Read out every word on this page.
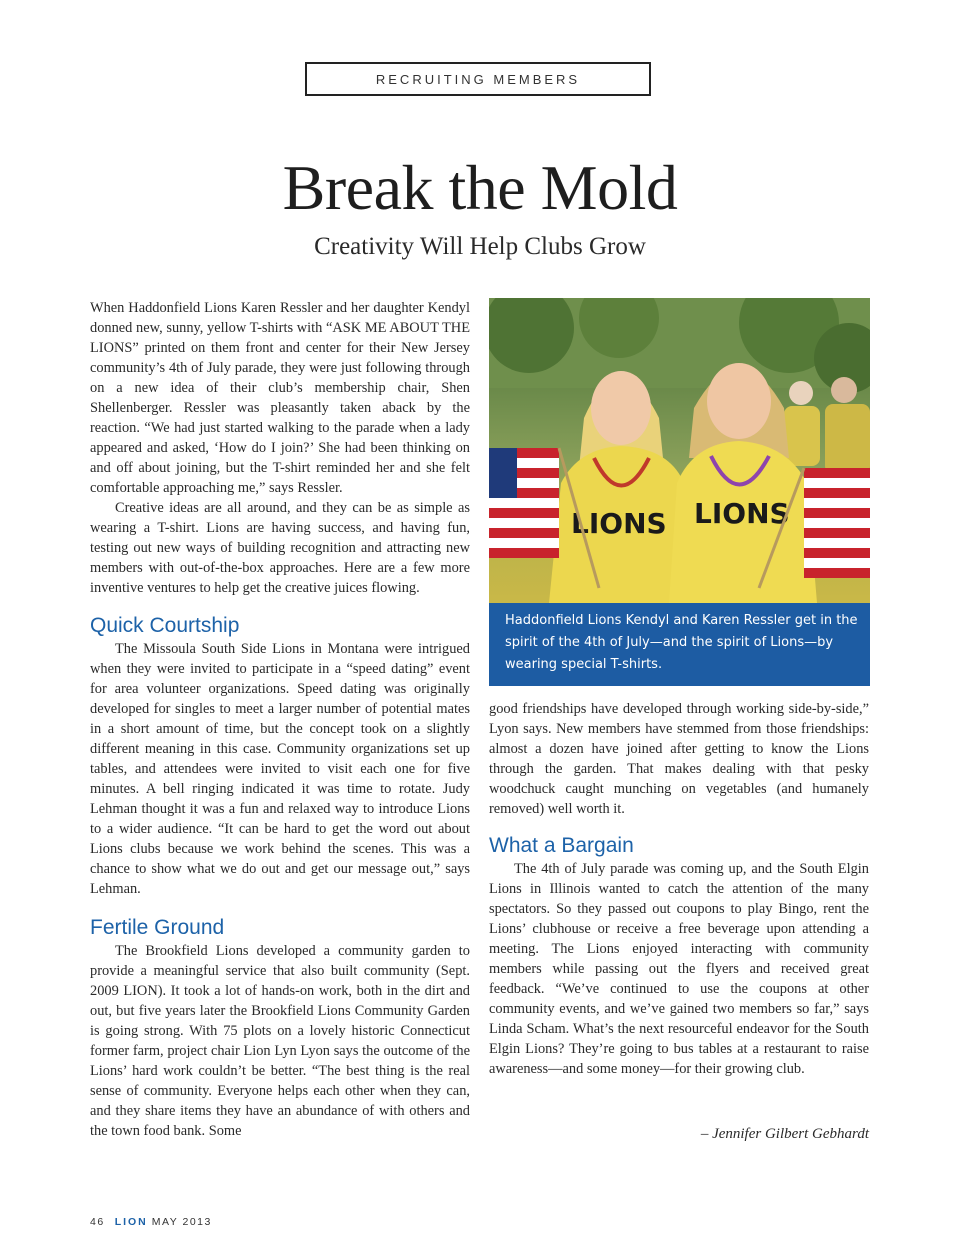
RECRUITING MEMBERS
Break the Mold
Creativity Will Help Clubs Grow

When Haddonfield Lions Karen Ressler and her daughter Kendyl donned new, sunny, yellow T-shirts with “ASK ME ABOUT THE LIONS” printed on them front and center for their New Jersey community’s 4th of July parade, they were just following through on a new idea of their club’s membership chair, Shen Shellenberger. Ressler was pleasantly taken aback by the reaction. “We had just started walking to the parade when a lady appeared and asked, ‘How do I join?’ She had been thinking on and off about joining, but the T-shirt reminded her and she felt comfortable approaching me,” says Ressler.

Creative ideas are all around, and they can be as simple as wearing a T-shirt. Lions are having success, and having fun, testing out new ways of building recognition and attracting new members with out-of-the-box approaches. Here are a few more inventive ventures to help get the creative juices flowing.

Quick Courtship

The Missoula South Side Lions in Montana were intrigued when they were invited to participate in a “speed dating” event for area volunteer organizations. Speed dating was originally developed for singles to meet a larger number of potential mates in a short amount of time, but the concept took on a slightly different meaning in this case. Community organizations set up tables, and attendees were invited to visit each one for five minutes. A bell ringing indicated it was time to rotate. Judy Lehman thought it was a fun and relaxed way to introduce Lions to a wider audience. “It can be hard to get the word out about Lions clubs because we work behind the scenes. This was a chance to show what we do out and get our message out,” says Lehman.

Fertile Ground

The Brookfield Lions developed a community garden to provide a meaningful service that also built community (Sept. 2009 LION). It took a lot of hands-on work, both in the dirt and out, but five years later the Brookfield Lions Community Garden is going strong. With 75 plots on a lovely historic Connecticut former farm, project chair Lion Lyn Lyon says the outcome of the Lions’ hard work couldn’t be better. “The best thing is the real sense of community. Everyone helps each other when they can, and they share items they have an abundance of with others and the town food bank. Some

LIONS LIONS
Haddonfield Lions Kendyl and Karen Ressler get in the spirit of the 4th of July—and the spirit of Lions—by wearing special T-shirts.

good friendships have developed through working side-by-side,” Lyon says. New members have stemmed from those friendships: almost a dozen have joined after getting to know the Lions through the garden. That makes dealing with that pesky woodchuck caught munching on vegetables (and humanely removed) well worth it.

What a Bargain

The 4th of July parade was coming up, and the South Elgin Lions in Illinois wanted to catch the attention of the many spectators. So they passed out coupons to play Bingo, rent the Lions’ clubhouse or receive a free beverage upon attending a meeting. The Lions enjoyed interacting with community members while passing out the flyers and received great feedback. “We’ve continued to use the coupons at other community events, and we’ve gained two members so far,” says Linda Scham. What’s the next resourceful endeavor for the South Elgin Lions? They’re going to bus tables at a restaurant to raise awareness—and some money—for their growing club.

– Jennifer Gilbert Gebhardt
46 LION MAY 2013
